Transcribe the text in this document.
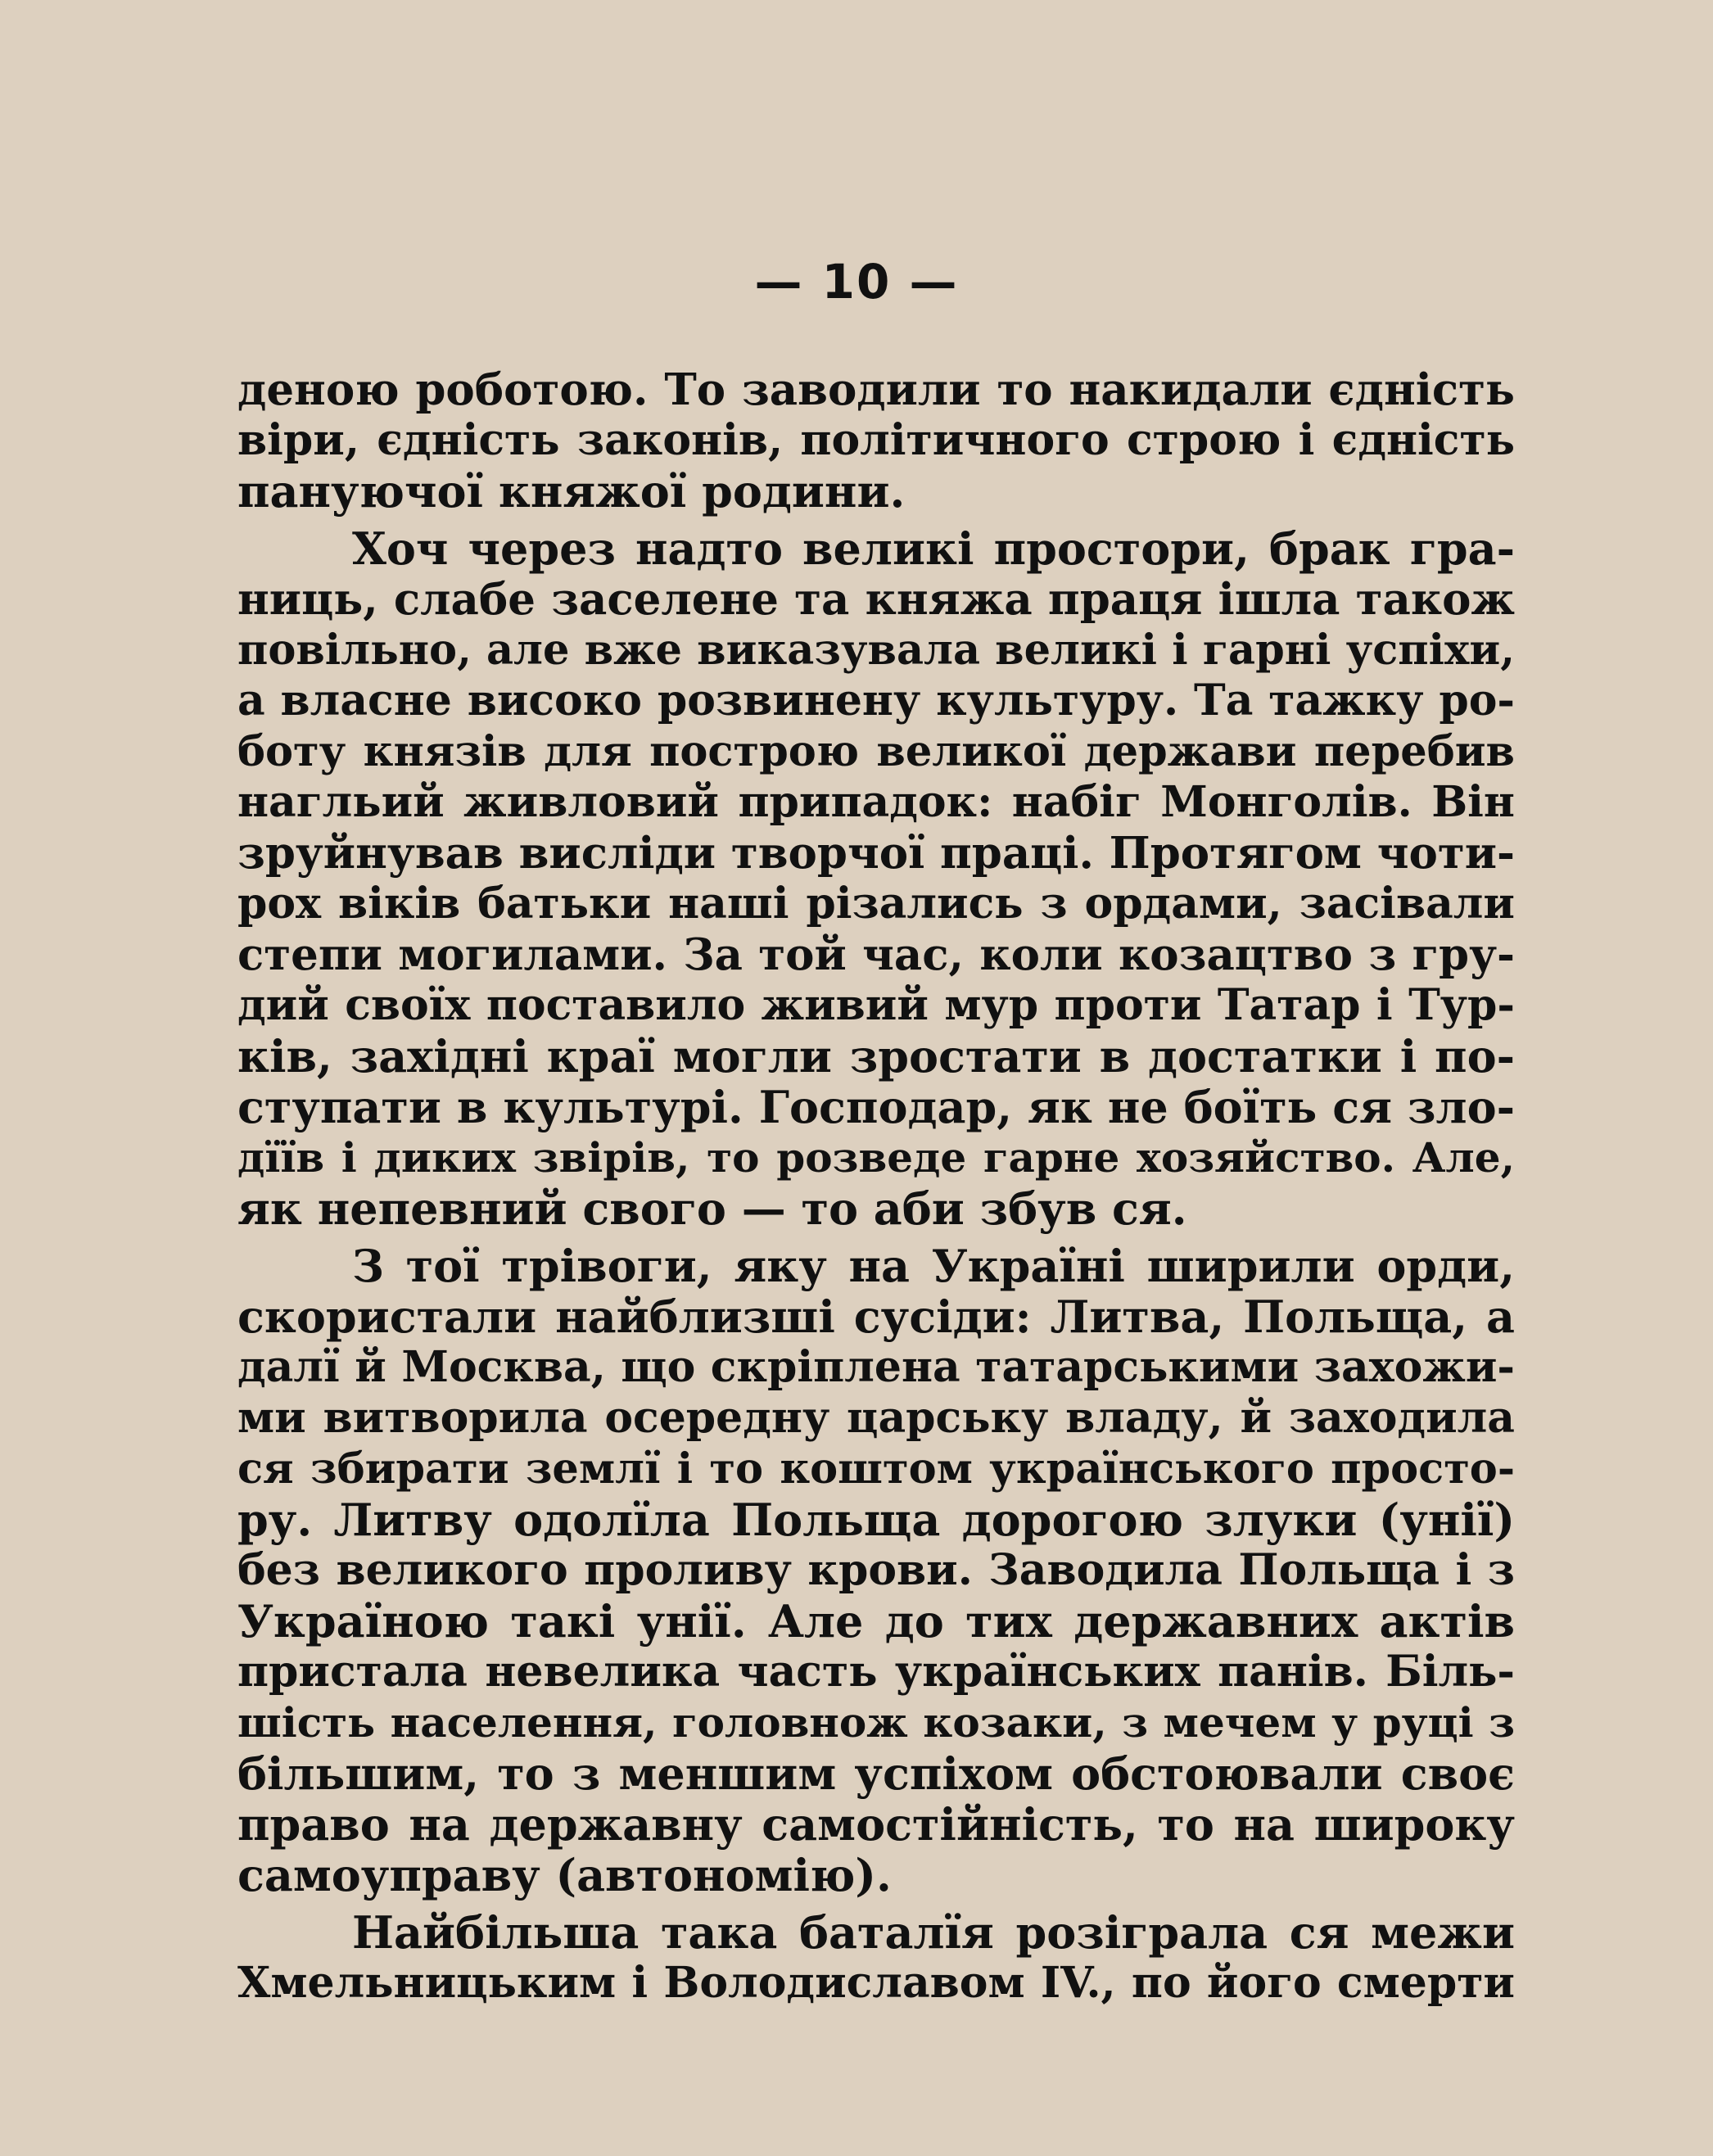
— 10 —
деною роботою. То заводили то накидали єдність
віри, єдність законів, політичного строю і єдність
пануючої княжої родини.
Хоч через надто великі простори, брак гра-
ниць, слабе заселене та княжа праця ішла також
повільно, але вже виказувала великі і гарні успіхи,
а власне високо розвинену культуру. Та тажку ро-
боту князів для построю великої держави перебив
нагльий живловий припадок: набіг Монголів. Він
зруйнував виcліди творчої праці. Протягом чоти-
рох віків батьки наші різались з ордами, засівали
степи могилами. За той час, коли козацтво з гру-
дий своїх поставило живий мур проти Татар і Тур-
ків, західні краї могли зростати в достатки і по-
ступати в культурі. Господар, як не боїть ся зло-
дїїв і диких звірів, то розведе гарне хозяйство. Але,
як непевний свого — то аби збув ся.
З тої трівоги, яку на Україні ширили орди,
скористали найблизші сусіди: Литва, Польща, а
далї й Москва, що скріплена татарськими захожи-
ми витворила осередну царську владу, й заходила
ся збирати землї і то коштом українського просто-
ру. Литву одолїла Польща дорогою злуки (унії)
без великого проливу крови. Заводила Польща і з
Україною такі унії. Але до тих державних актів
пристала невелика часть українських панів. Біль-
шість населення, головнож козаки, з мечем у руці з
більшим, то з меншим успіхом обстоювали своє
право на державну самостійність, то на широку
самоуправу (автономію).
Найбільша така баталїя розіграла ся межи
Хмельницьким і Володиславом IV., по його смерти
